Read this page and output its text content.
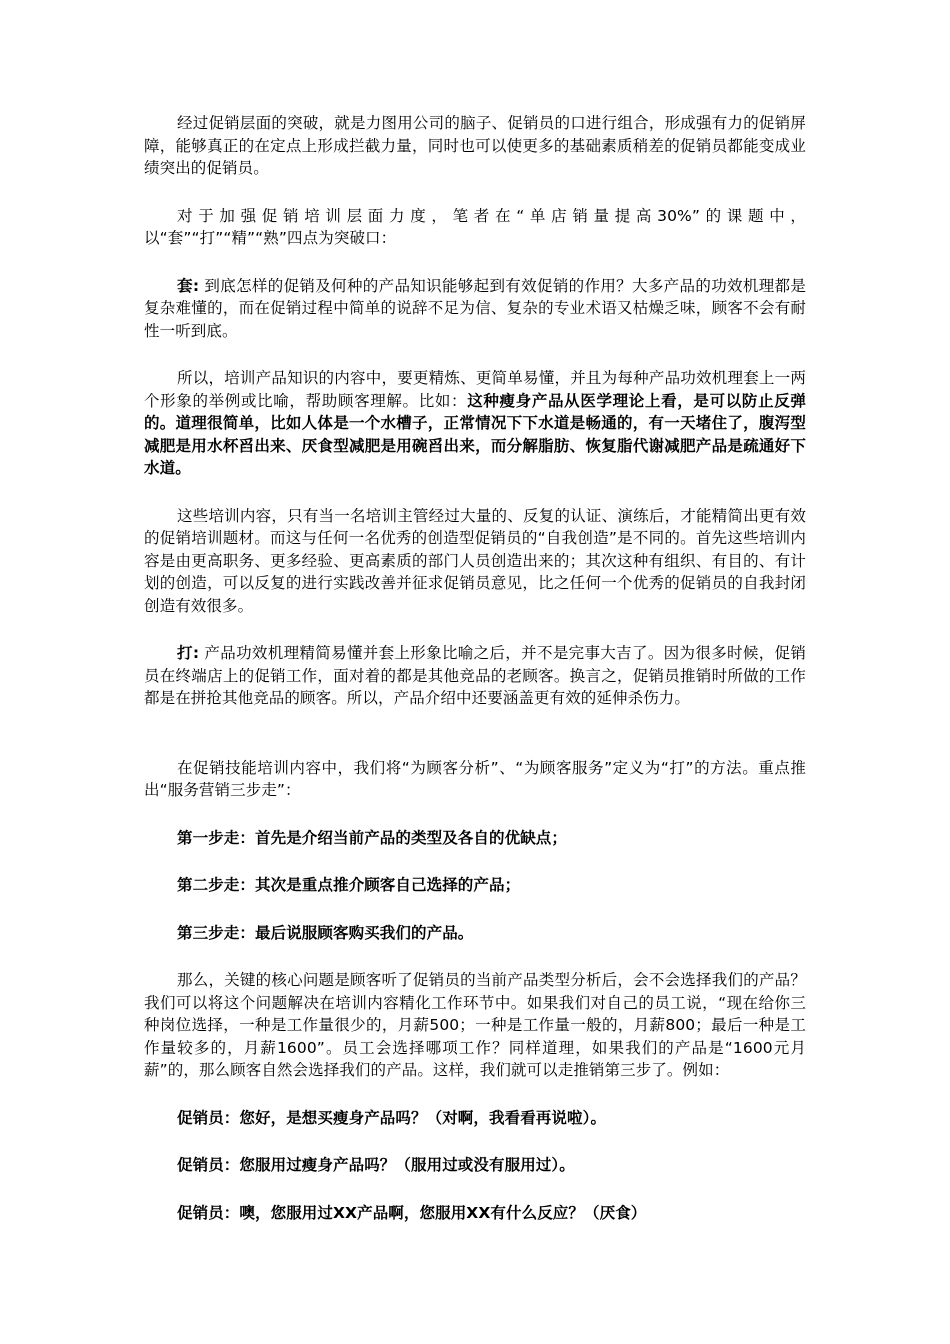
经过促销层面的突破，就是力图用公司的脑子、促销员的口进行组合，形成强有力的促销屏障，能够真正的在定点上形成拦截力量，同时也可以使更多的基础素质稍差的促销员都能变成业绩突出的促销员。

对于加强促销培训层面力度，笔者在“单店销量提高30%”的课题中，以“套”“打”“精”“熟”四点为突破口：

套: 到底怎样的促销及何种的产品知识能够起到有效促销的作用？大多产品的功效机理都是复杂难懂的，而在促销过程中简单的说辞不足为信、复杂的专业术语又枯燥乏味，顾客不会有耐性一听到底。

所以，培训产品知识的内容中，要更精炼、更简单易懂，并且为每种产品功效机理套上一两个形象的举例或比喻，帮助顾客理解。比如：这种瘦身产品从医学理论上看，是可以防止反弹的。道理很简单，比如人体是一个水槽子，正常情况下下水道是畅通的，有一天堵住了，腹泻型减肥是用水杯舀出来、厌食型减肥是用碗舀出来，而分解脂肪、恢复脂代谢减肥产品是疏通好下水道。

这些培训内容，只有当一名培训主管经过大量的、反复的认证、演练后，才能精简出更有效的促销培训题材。而这与任何一名优秀的创造型促销员的“自我创造”是不同的。首先这些培训内容是由更高职务、更多经验、更高素质的部门人员创造出来的；其次这种有组织、有目的、有计划的创造，可以反复的进行实践改善并征求促销员意见，比之任何一个优秀的促销员的自我封闭创造有效很多。

打: 产品功效机理精简易懂并套上形象比喻之后，并不是完事大吉了。因为很多时候，促销员在终端店上的促销工作，面对着的都是其他竞品的老顾客。换言之，促销员推销时所做的工作都是在拼抢其他竞品的顾客。所以，产品介绍中还要涵盖更有效的延伸杀伤力。

在促销技能培训内容中，我们将“为顾客分析”、“为顾客服务”定义为“打”的方法。重点推出“服务营销三步走”：

第一步走：首先是介绍当前产品的类型及各自的优缺点；

第二步走：其次是重点推介顾客自己选择的产品；

第三步走：最后说服顾客购买我们的产品。

那么，关键的核心问题是顾客听了促销员的当前产品类型分析后，会不会选择我们的产品？我们可以将这个问题解决在培训内容精化工作环节中。如果我们对自己的员工说，“现在给你三种岗位选择，一种是工作量很少的，月薪500；一种是工作量一般的，月薪800；最后一种是工作量较多的，月薪1600”。员工会选择哪项工作？同样道理，如果我们的产品是“1600元月薪”的，那么顾客自然会选择我们的产品。这样，我们就可以走推销第三步了。例如：

促销员：您好，是想买瘦身产品吗？（对啊，我看看再说啦）。

促销员：您服用过瘦身产品吗？（服用过或没有服用过）。

促销员：噢，您服用过XX产品啊，您服用XX有什么反应？（厌食）
